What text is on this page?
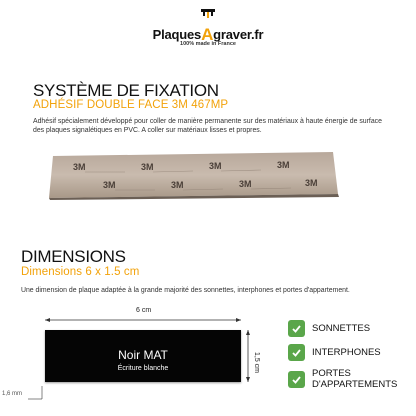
PlaquesAgraver.fr
100% made in France
SYSTÈME DE FIXATION
ADHÉSIF DOUBLE FACE 3M 467MP
Adhésif spécialement développé pour coller de manière permanente sur des matériaux à haute énergie de surface des plaques signalétiques en PVC. A coller sur matériaux lisses et propres.
3M	3M	3M	3M
3M	3M	3M	3M
DIMENSIONS
Dimensions 6 x 1.5 cm
Une dimension de plaque adaptée à la grande majorité des sonnettes, interphones et portes d'appartement.
6 cm
1,5 cm
1,6 mm
Noir MAT
Écriture blanche
SONNETTES
INTERPHONES
PORTES
D'APPARTEMENTS
